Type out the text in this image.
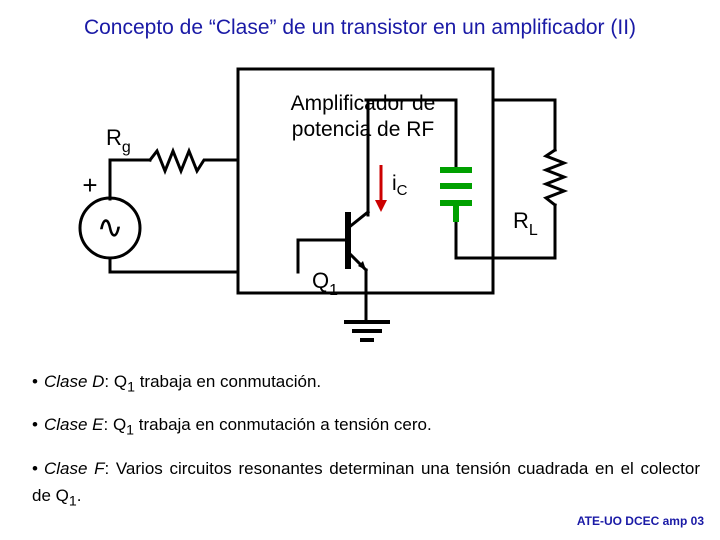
Concepto de “Clase” de un transistor en un amplificador (II)
∿
+
$R_g$
Amplificador de
potencia de RF
$i_C$
$R_L$
$Q_1$

• Clase D: $Q_1$ trabaja en conmutación.

• Clase E: $Q_1$ trabaja en conmutación a tensión cero.

• Clase F: Varios circuitos resonantes determinan una tensión cuadrada en el colector de $Q_1$.

ATE-UO DCEC amp 03
